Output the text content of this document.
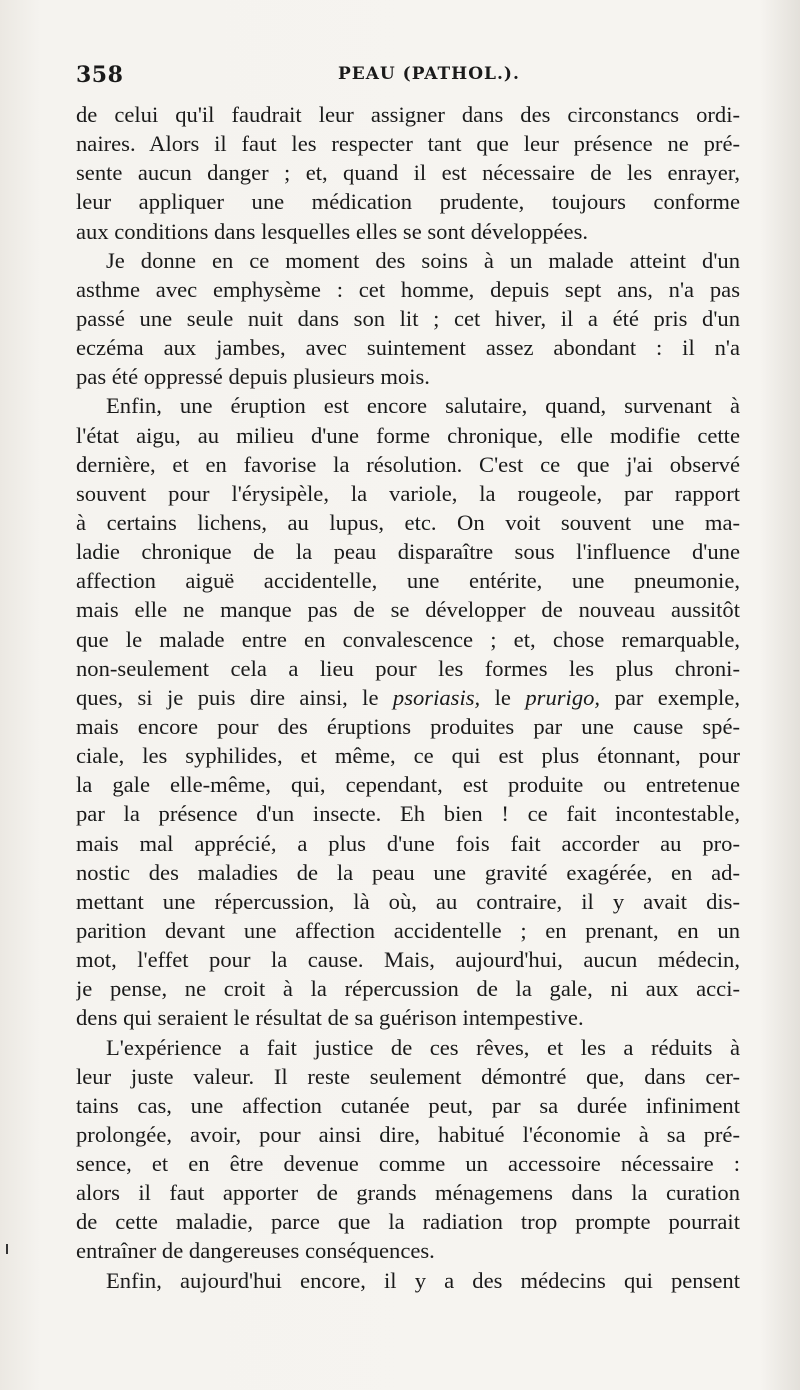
358	PEAU (PATHOL.).
de celui qu'il faudrait leur assigner dans des circonstancs ordi-
naires. Alors il faut les respecter tant que leur présence ne pré-
sente aucun danger ; et, quand il est nécessaire de les enrayer,
leur appliquer une médication prudente, toujours conforme
aux conditions dans lesquelles elles se sont développées.
Je donne en ce moment des soins à un malade atteint d'un
asthme avec emphysème : cet homme, depuis sept ans, n'a pas
passé une seule nuit dans son lit ; cet hiver, il a été pris d'un
eczéma aux jambes, avec suintement assez abondant : il n'a
pas été oppressé depuis plusieurs mois.
Enfin, une éruption est encore salutaire, quand, survenant à
l'état aigu, au milieu d'une forme chronique, elle modifie cette
dernière, et en favorise la résolution. C'est ce que j'ai observé
souvent pour l'érysipèle, la variole, la rougeole, par rapport
à certains lichens, au lupus, etc. On voit souvent une ma-
ladie chronique de la peau disparaître sous l'influence d'une
affection aiguë accidentelle, une entérite, une pneumonie,
mais elle ne manque pas de se développer de nouveau aussitôt
que le malade entre en convalescence ; et, chose remarquable,
non-seulement cela a lieu pour les formes les plus chroni-
ques, si je puis dire ainsi, le psoriasis, le prurigo, par exemple,
mais encore pour des éruptions produites par une cause spé-
ciale, les syphilides, et même, ce qui est plus étonnant, pour
la gale elle-même, qui, cependant, est produite ou entretenue
par la présence d'un insecte. Eh bien ! ce fait incontestable,
mais mal apprécié, a plus d'une fois fait accorder au pro-
nostic des maladies de la peau une gravité exagérée, en ad-
mettant une répercussion, là où, au contraire, il y avait dis-
parition devant une affection accidentelle ; en prenant, en un
mot, l'effet pour la cause. Mais, aujourd'hui, aucun médecin,
je pense, ne croit à la répercussion de la gale, ni aux acci-
dens qui seraient le résultat de sa guérison intempestive.
L'expérience a fait justice de ces rêves, et les a réduits à
leur juste valeur. Il reste seulement démontré que, dans cer-
tains cas, une affection cutanée peut, par sa durée infiniment
prolongée, avoir, pour ainsi dire, habitué l'économie à sa pré-
sence, et en être devenue comme un accessoire nécessaire :
alors il faut apporter de grands ménagemens dans la curation
de cette maladie, parce que la radiation trop prompte pourrait
entraîner de dangereuses conséquences.
Enfin, aujourd'hui encore, il y a des médecins qui pensent
